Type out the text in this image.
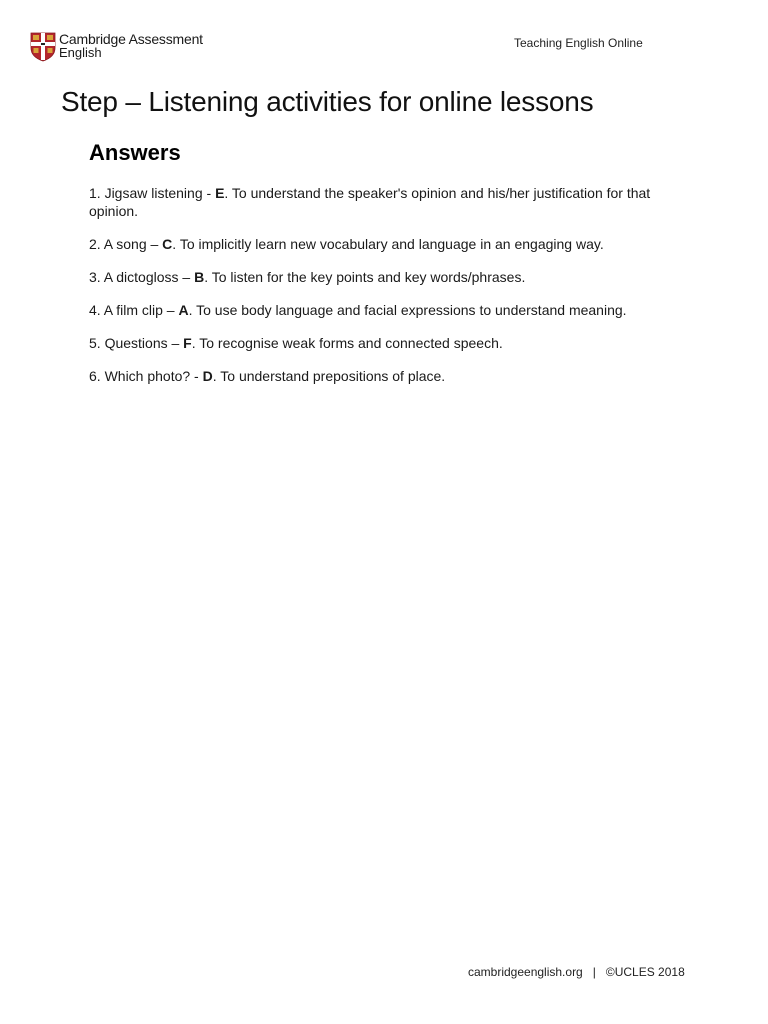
Cambridge Assessment
English
Teaching English Online
Step – Listening activities for online lessons
Answers
1. Jigsaw listening - E. To understand the speaker's opinion and his/her justification for that opinion.
2. A song – C. To implicitly learn new vocabulary and language in an engaging way.
3. A dictogloss – B. To listen for the key points and key words/phrases.
4. A film clip – A. To use body language and facial expressions to understand meaning.
5. Questions – F. To recognise weak forms and connected speech.
6. Which photo? - D. To understand prepositions of place.
cambridgeenglish.org | ©UCLES 2018
